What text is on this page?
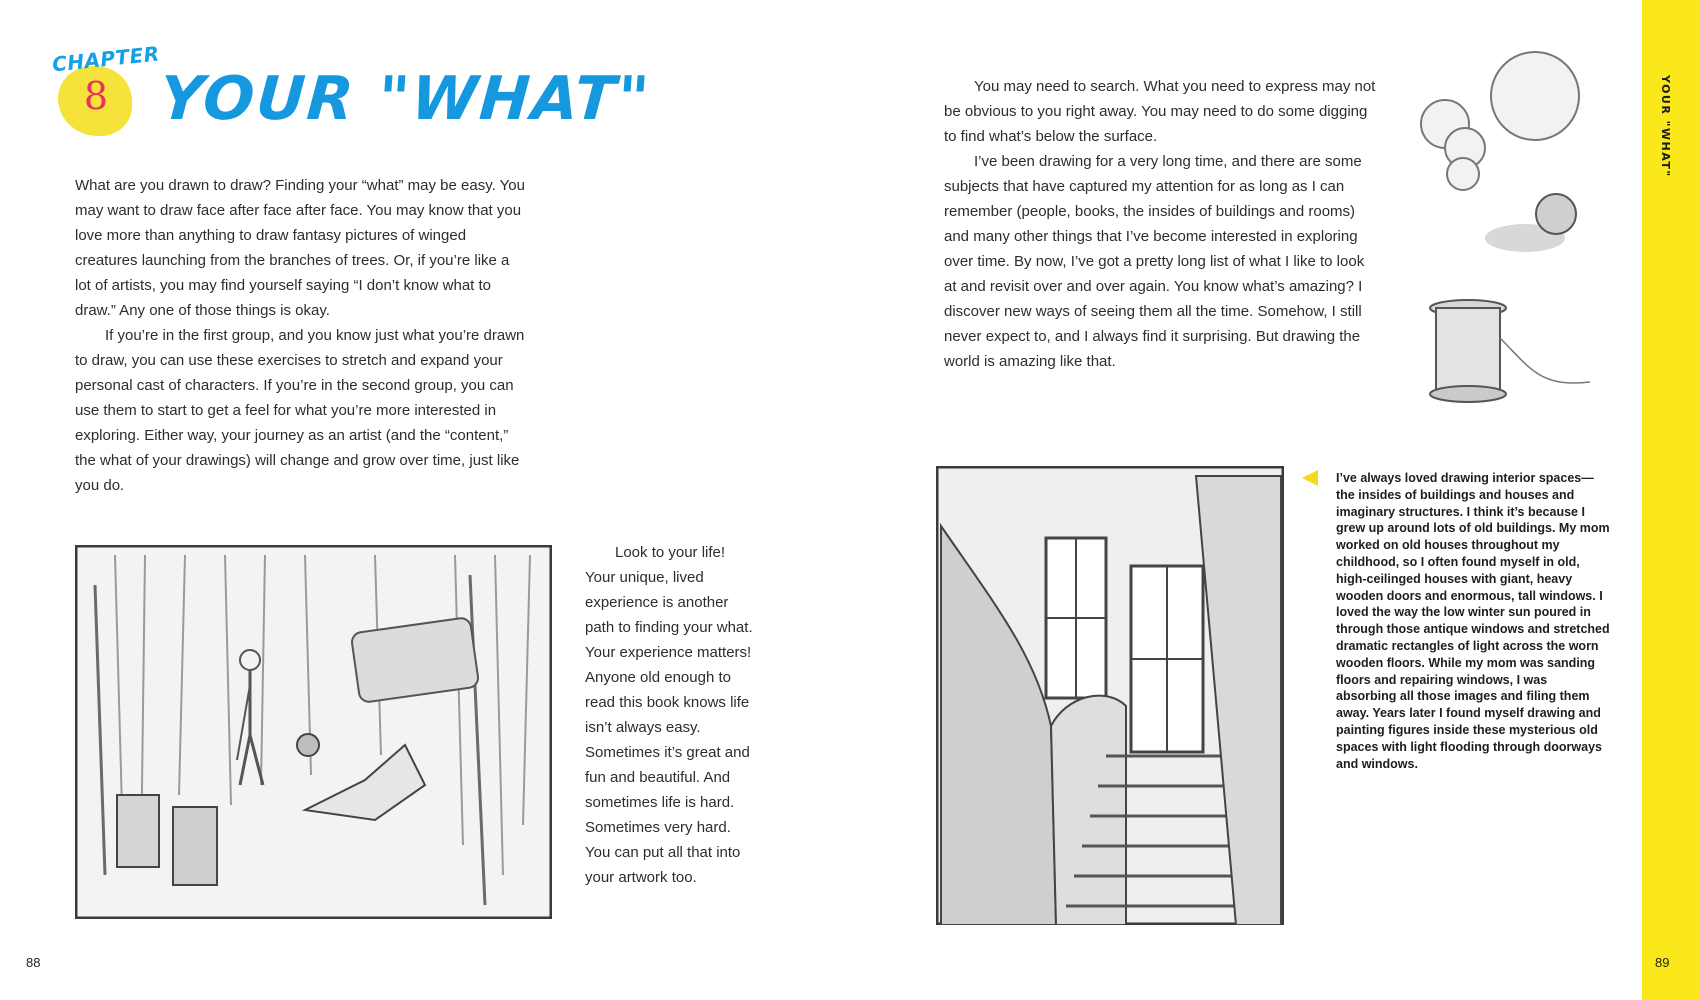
CHAPTER
8 YOUR "WHAT"

What are you drawn to draw? Finding your “what” may be easy. You may want to draw face after face after face. You may know that you love more than anything to draw fantasy pictures of winged creatures launching from the branches of trees. Or, if you’re like a lot of artists, you may find yourself saying “I don’t know what to draw.” Any one of those things is okay.

If you’re in the first group, and you know just what you’re drawn to draw, you can use these exercises to stretch and expand your personal cast of characters. If you’re in the second group, you can use them to start to get a feel for what you’re more interested in exploring. Either way, your journey as an artist (and the “content,” the what of your drawings) will change and grow over time, just like you do.

Look to your life! Your unique, lived experience is another path to finding your what. Your experience matters! Anyone old enough to read this book knows life isn’t always easy. Sometimes it’s great and fun and beautiful. And sometimes life is hard. Sometimes very hard. You can put all that into your artwork too.
88

You may need to search. What you need to express may not be obvious to you right away. You may need to do some digging to find what’s below the surface.

I’ve been drawing for a very long time, and there are some subjects that have captured my attention for as long as I can remember (people, books, the insides of buildings and rooms) and many other things that I’ve become interested in exploring over time. By now, I’ve got a pretty long list of what I like to look at and revisit over and over again. You know what’s amazing? I discover new ways of seeing them all the time. Somehow, I still never expect to, and I always find it surprising. But drawing the world is amazing like that.

I’ve always loved drawing interior spaces—the insides of buildings and houses and imaginary structures. I think it’s because I grew up around lots of old buildings. My mom worked on old houses throughout my childhood, so I often found myself in old, high-ceilinged houses with giant, heavy wooden doors and enormous, tall windows. I loved the way the low winter sun poured in through those antique windows and stretched dramatic rectangles of light across the worn wooden floors. While my mom was sanding floors and repairing windows, I was absorbing all those images and filing them away. Years later I found myself drawing and painting figures inside these mysterious old spaces with light flooding through doorways and windows.
YOUR "WHAT"
89
